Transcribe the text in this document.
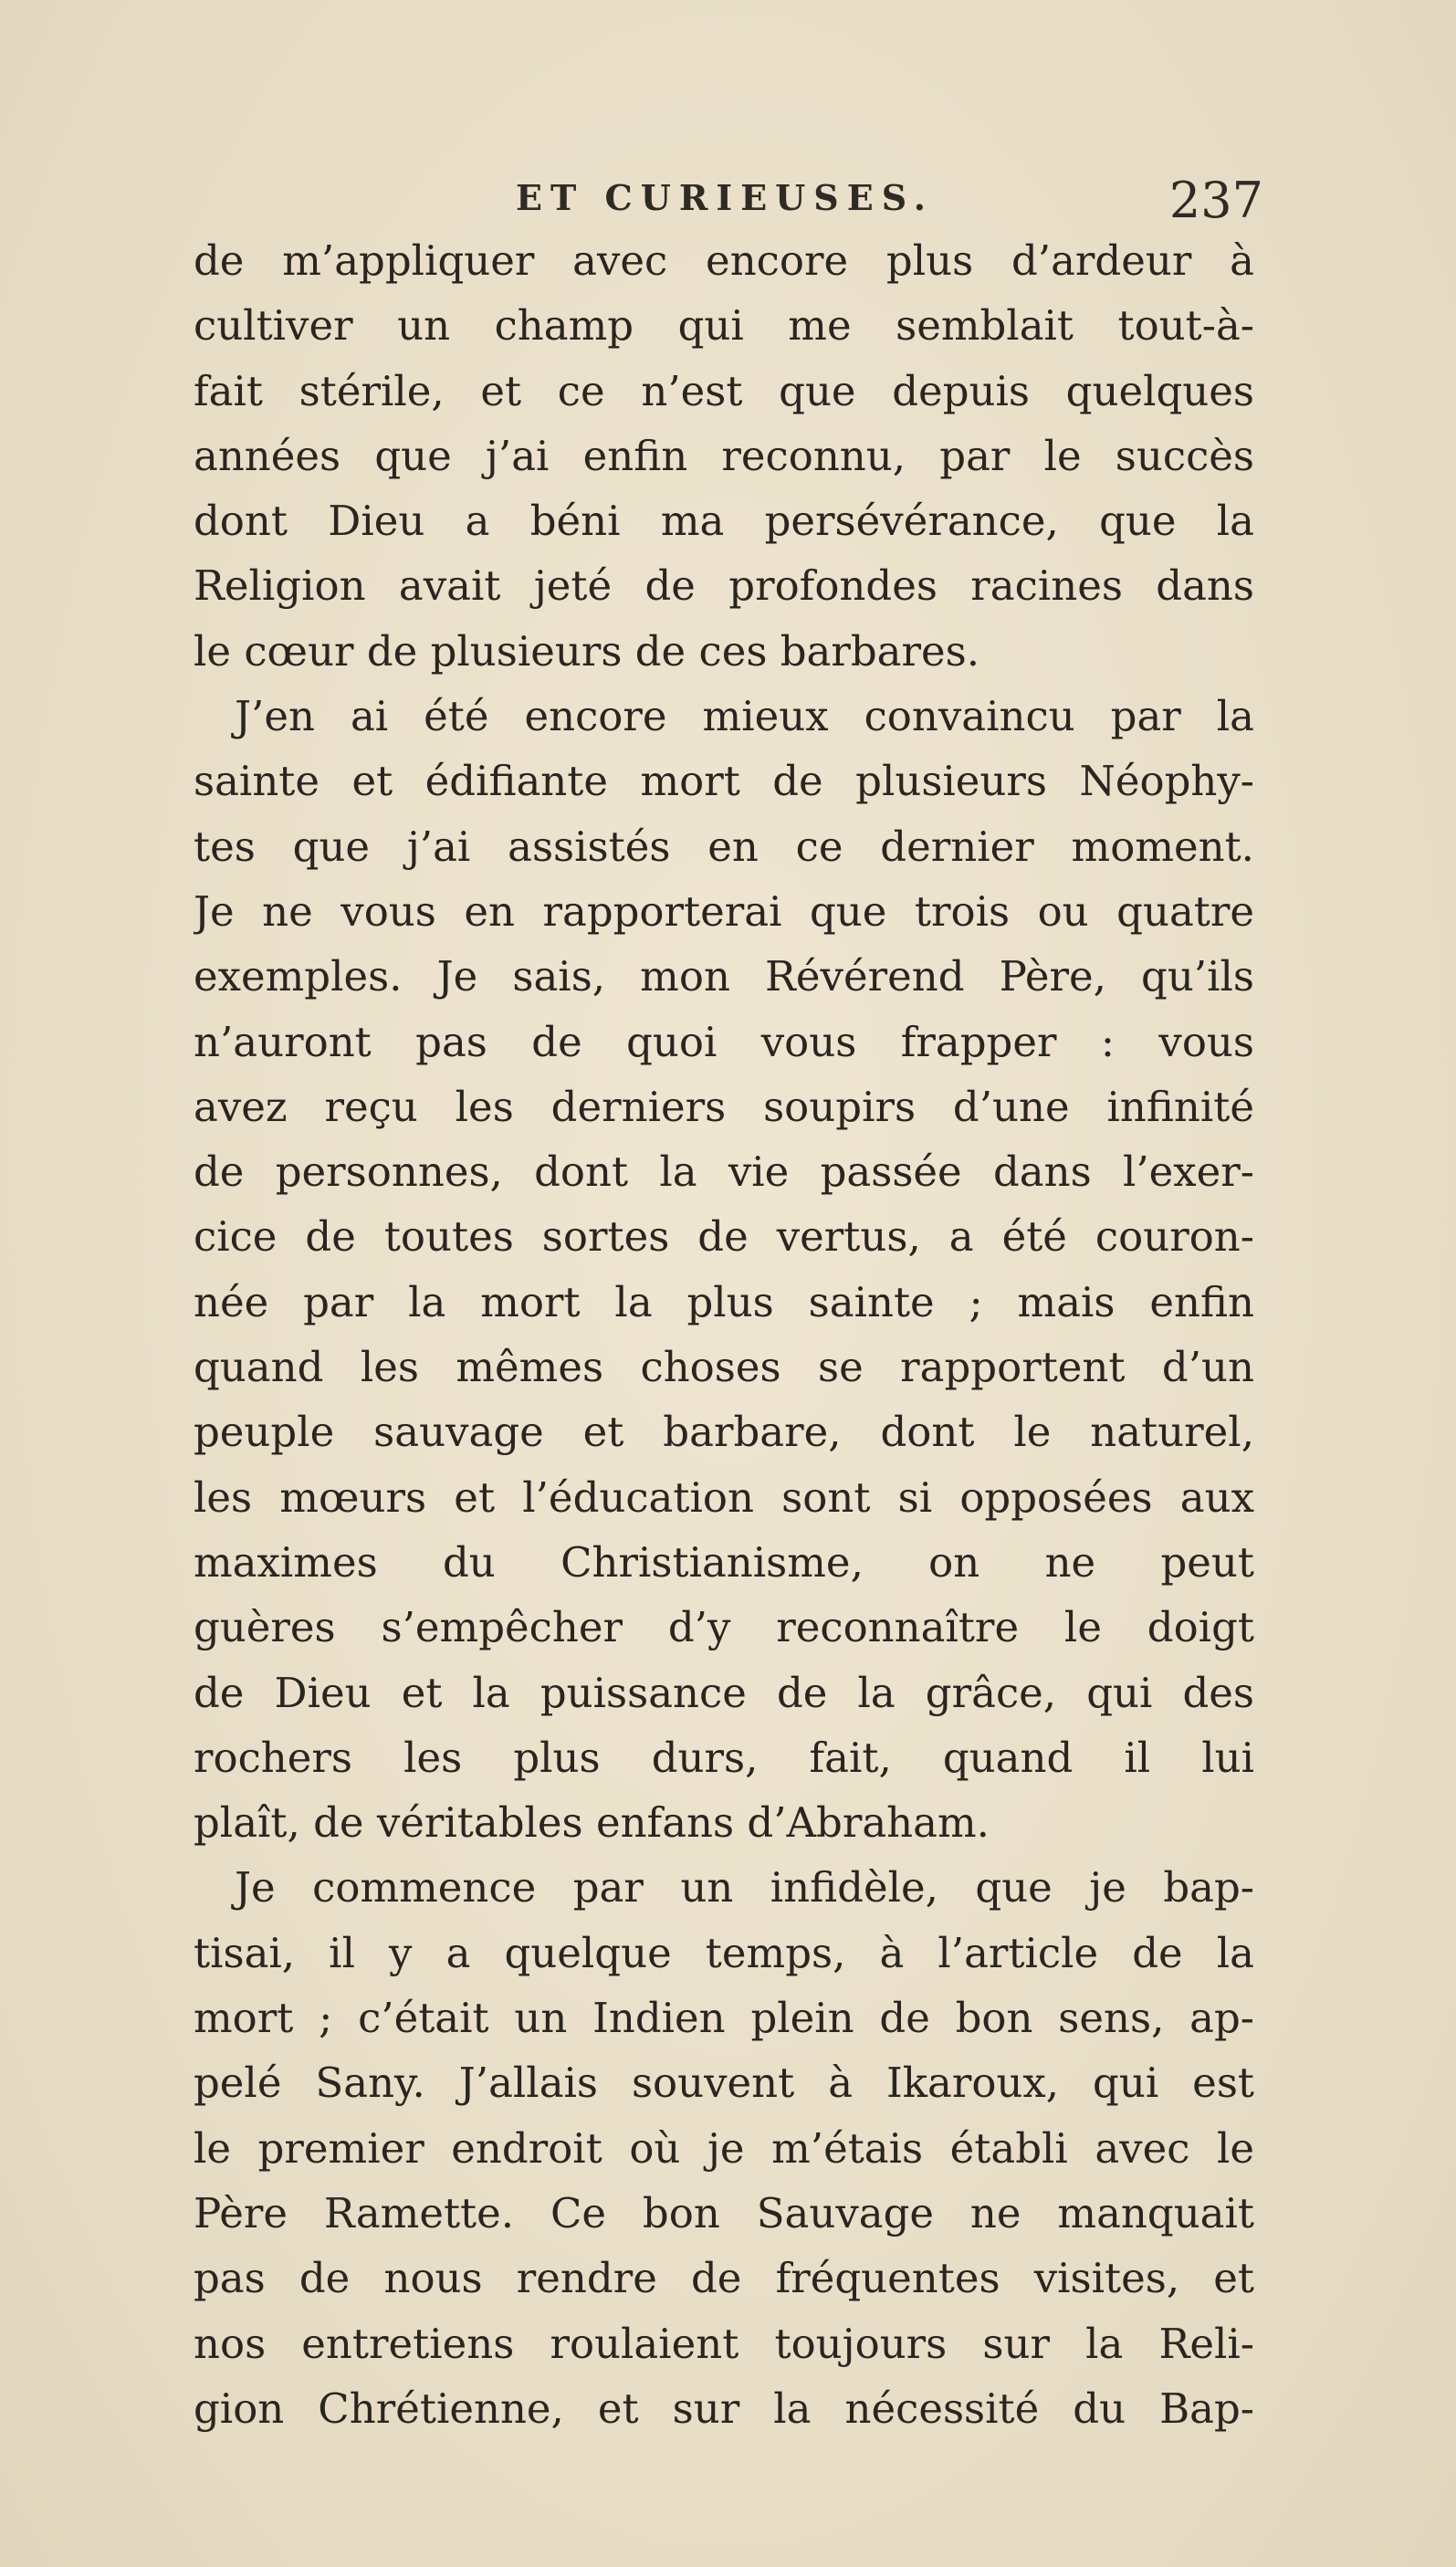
ET CURIEUSES.	237
de m’appliquer avec encore plus d’ardeur à
cultiver un champ qui me semblait tout-à-
fait stérile, et ce n’est que depuis quelques
années que j’ai enfin reconnu, par le succès
dont Dieu a béni ma persévérance, que la
Religion avait jeté de profondes racines dans
le cœur de plusieurs de ces barbares.
J’en ai été encore mieux convaincu par la
sainte et édifiante mort de plusieurs Néophy-
tes que j’ai assistés en ce dernier moment.
Je ne vous en rapporterai que trois ou quatre
exemples. Je sais, mon Révérend Père, qu’ils
n’auront pas de quoi vous frapper : vous
avez reçu les derniers soupirs d’une infinité
de personnes, dont la vie passée dans l’exer-
cice de toutes sortes de vertus, a été couron-
née par la mort la plus sainte ; mais enfin
quand les mêmes choses se rapportent d’un
peuple sauvage et barbare, dont le naturel,
les mœurs et l’éducation sont si opposées aux
maximes du Christianisme, on ne peut
guères s’empêcher d’y reconnaître le doigt
de Dieu et la puissance de la grâce, qui des
rochers les plus durs, fait, quand il lui
plaît, de véritables enfans d’Abraham.
Je commence par un infidèle, que je bap-
tisai, il y a quelque temps, à l’article de la
mort ; c’était un Indien plein de bon sens, ap-
pelé Sany. J’allais souvent à Ikaroux, qui est
le premier endroit où je m’étais établi avec le
Père Ramette. Ce bon Sauvage ne manquait
pas de nous rendre de fréquentes visites, et
nos entretiens roulaient toujours sur la Reli-
gion Chrétienne, et sur la nécessité du Bap-
